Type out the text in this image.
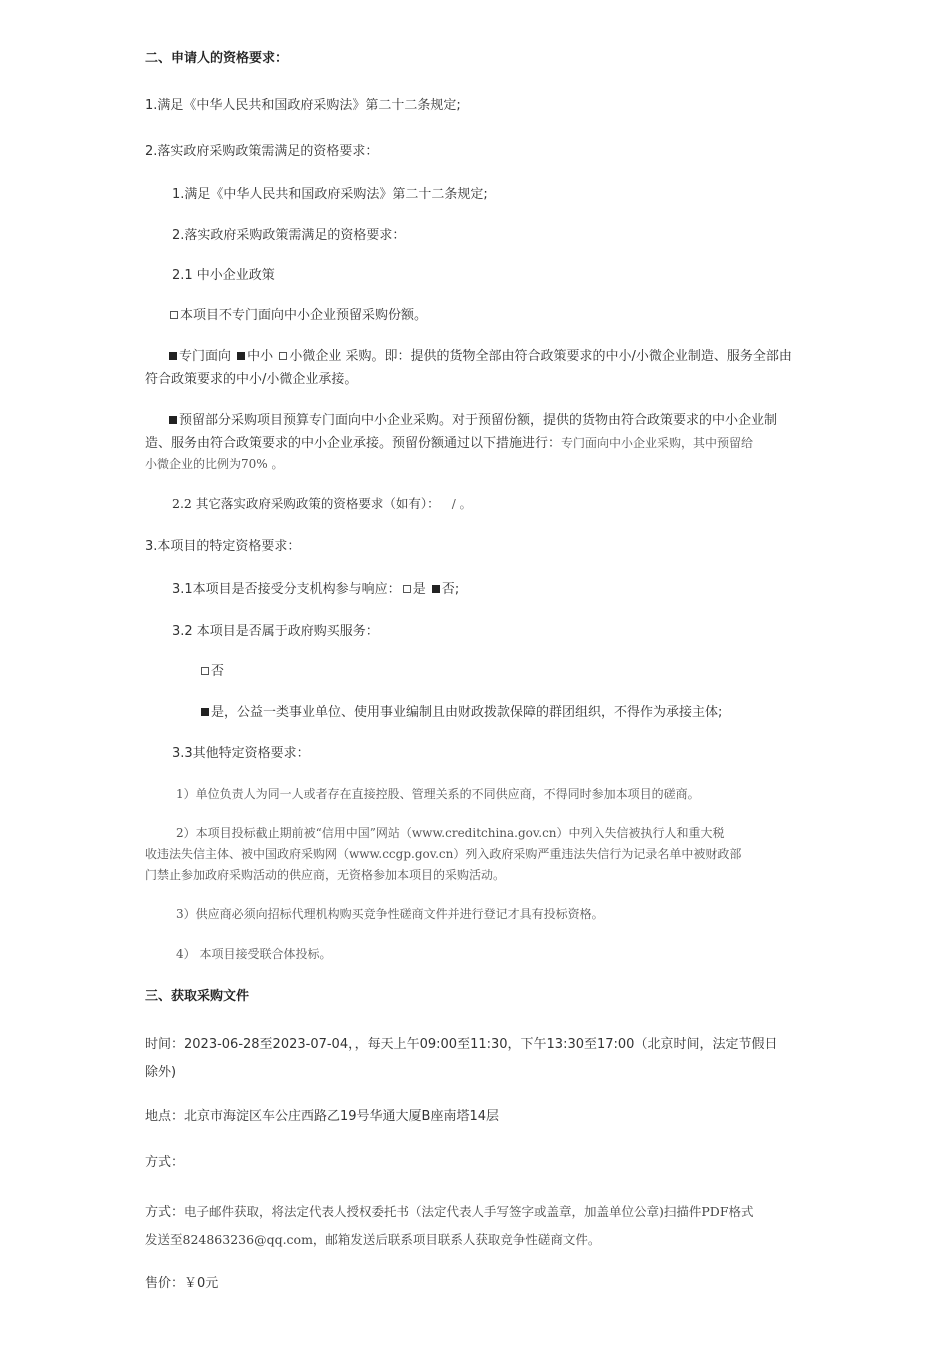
二、申请人的资格要求：

1.满足《中华人民共和国政府采购法》第二十二条规定;

2.落实政府采购政策需满足的资格要求：

1.满足《中华人民共和国政府采购法》第二十二条规定;

2.落实政府采购政策需满足的资格要求：

2.1 中小企业政策

本项目不专门面向中小企业预留采购份额。

专门面向 中小 小微企业 采购。即：提供的货物全部由符合政策要求的中小/小微企业制造、服务全部由

符合政策要求的中小/小微企业承接。

预留部分采购项目预算专门面向中小企业采购。对于预留份额，提供的货物由符合政策要求的中小企业制

造、服务由符合政策要求的中小企业承接。预留份额通过以下措施进行：专门面向中小企业采购，其中预留给

小微企业的比例为70% 。

2.2 其它落实政府采购政策的资格要求（如有）： / 。

3.本项目的特定资格要求：

3.1本项目是否接受分支机构参与响应： 是 否;

3.2 本项目是否属于政府购买服务：

否

是，公益一类事业单位、使用事业编制且由财政拨款保障的群团组织，不得作为承接主体;

3.3其他特定资格要求：

1）单位负责人为同一人或者存在直接控股、管理关系的不同供应商，不得同时参加本项目的磋商。

2）本项目投标截止期前被“信用中国”网站（www.creditchina.gov.cn）中列入失信被执行人和重大税

收违法失信主体、被中国政府采购网（www.ccgp.gov.cn）列入政府采购严重违法失信行为记录名单中被财政部

门禁止参加政府采购活动的供应商，无资格参加本项目的采购活动。

3）供应商必须向招标代理机构购买竞争性磋商文件并进行登记才具有投标资格。

4） 本项目接受联合体投标。

三、获取采购文件

时间：2023-06-28至2023-07-04，，每天上午09:00至11:30，下午13:30至17:00（北京时间，法定节假日

除外)

地点：北京市海淀区车公庄西路乙19号华通大厦B座南塔14层

方式：

方式：电子邮件获取，将法定代表人授权委托书（法定代表人手写签字或盖章，加盖单位公章)扫描件PDF格式

发送至824863236@qq.com，邮箱发送后联系项目联系人获取竞争性磋商文件。

售价：￥0元
